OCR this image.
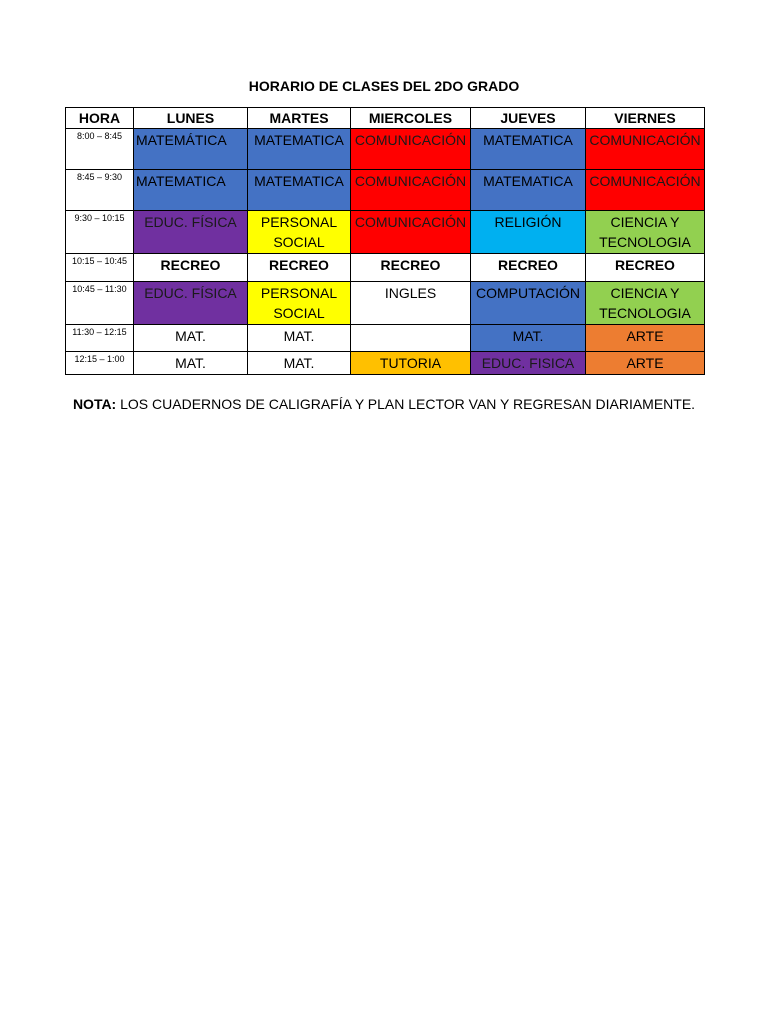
HORARIO DE CLASES DEL 2DO GRADO
HORA	LUNES	MARTES	MIERCOLES	JUEVES	VIERNES
8:00 – 8:45	MATEMÁTICA	MATEMATICA	COMUNICACIÓN	MATEMATICA	COMUNICACIÓN
8:45 – 9:30	MATEMATICA	MATEMATICA	COMUNICACIÓN	MATEMATICA	COMUNICACIÓN
9:30 – 10:15	EDUC. FÍSICA	PERSONAL SOCIAL	COMUNICACIÓN	RELIGIÓN	CIENCIA Y TECNOLOGIA
10:15 – 10:45	RECREO	RECREO	RECREO	RECREO	RECREO
10:45 – 11:30	EDUC. FÍSICA	PERSONAL SOCIAL	INGLES	COMPUTACIÓN	CIENCIA Y TECNOLOGIA
11:30 – 12:15	MAT.	MAT.		MAT.	ARTE
12:15 – 1:00	MAT.	MAT.	TUTORIA	EDUC. FISICA	ARTE
NOTA: LOS CUADERNOS DE CALIGRAFÍA Y PLAN LECTOR VAN Y REGRESAN DIARIAMENTE.
